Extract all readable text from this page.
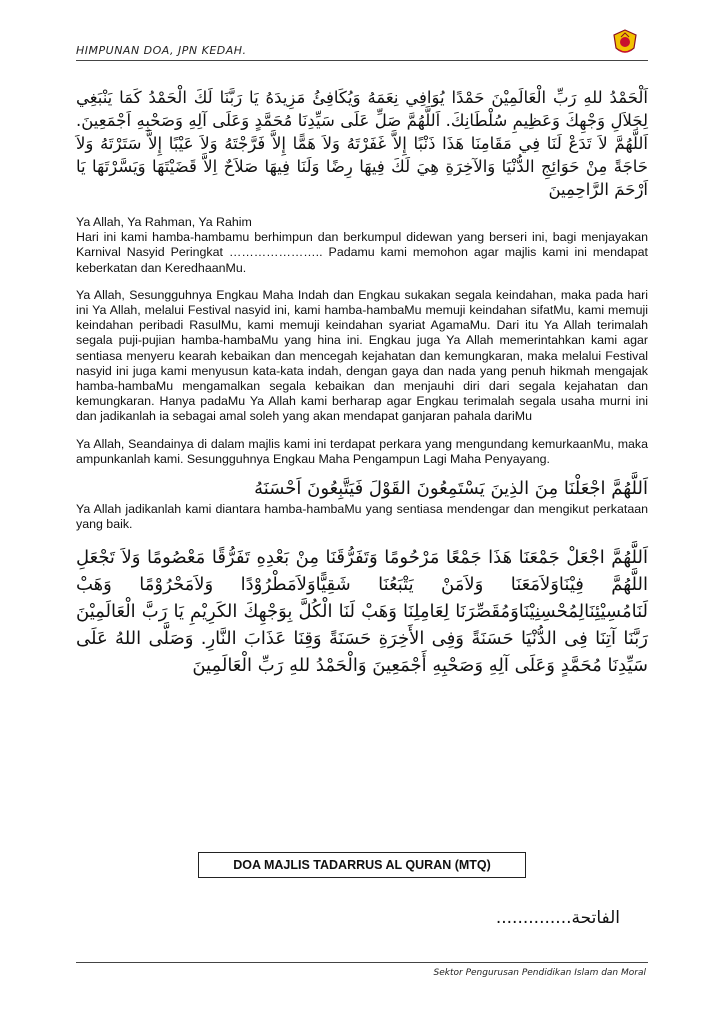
HIMPUNAN DOA, JPN KEDAH.

اَلْحَمْدُ للهِ رَبِّ الْعَالَمِيْنَ حَمْدًا يُوَافِي نِعَمَهُ وَيُكَافِئُ مَزِيدَهُ يَا رَبَّنَا لَكَ الْحَمْدُ كَمَا يَنْبَغِي لِجَلاَلِ وَجْهِكَ وَعَظِيمِ سُلْطَانِكَ. اَللَّهُمَّ صَلِّ عَلَى سَيِّدِنَا مُحَمَّدٍ وَعَلَى آلِهِ وَصَحْبِهِ اَجْمَعِينَ. اَللَّهُمَّ لاَ تَدَعْ لَنَا فِي مَقَامِنَا هَذَا ذَنْبًا إِلاَّ غَفَرْتَهُ وَلاَ هَمًّا إِلاَّ فَرَّجْتَهُ وَلاَ عَيْبًا إِلاَّ سَتَرْتَهُ وَلاَ حَاجَةً مِنْ حَوَائِجِ الدُّنْيَا وَالآخِرَةِ هِيَ لَكَ فِيهَا رِضًا وَلَنَا فِيهَا صَلاَحٌ اِلاَّ قَضَيْتَهَا وَيَسَّرْتَهَا يَا اَرْحَمَ الرَّاحِمِينَ

Ya Allah, Ya Rahman, Ya Rahim
Hari ini kami hamba-hambamu berhimpun dan berkumpul didewan yang berseri ini, bagi menjayakan Karnival Nasyid Peringkat ………………….. Padamu kami memohon agar majlis kami ini mendapat keberkatan dan KeredhaanMu.

Ya Allah, Sesungguhnya Engkau Maha Indah dan Engkau sukakan segala keindahan, maka pada hari ini Ya Allah, melalui Festival nasyid ini, kami hamba-hambaMu memuji keindahan sifatMu, kami memuji keindahan peribadi RasulMu, kami memuji keindahan syariat AgamaMu. Dari itu Ya Allah terimalah segala puji-pujian hamba-hambaMu yang hina ini. Engkau juga Ya Allah memerintahkan kami agar sentiasa menyeru kearah kebaikan dan mencegah kejahatan dan kemungkaran, maka melalui Festival nasyid ini juga kami menyusun kata-kata indah, dengan gaya dan nada yang penuh hikmah mengajak hamba-hambaMu mengamalkan segala kebaikan dan menjauhi diri dari segala kejahatan dan kemungkaran. Hanya padaMu Ya Allah kami berharap agar Engkau terimalah segala usaha murni ini dan jadikanlah ia sebagai amal soleh yang akan mendapat ganjaran pahala dariMu

Ya Allah, Seandainya di dalam majlis kami ini terdapat perkara yang mengundang kemurkaanMu, maka ampunkanlah kami. Sesungguhnya Engkau Maha Pengampun Lagi Maha Penyayang.

اَللَّهُمَّ اجْعَلْنَا مِنَ الذِينَ يَسْتَمِعُونَ القَوْلَ فَيَتَّبِعُونَ اَحْسَنَهُ

Ya Allah jadikanlah kami diantara hamba-hambaMu yang sentiasa mendengar dan mengikut perkataan yang baik.

اَللَّهُمَّ اجْعَلْ جَمْعَنَا هَذَا جَمْعًا مَرْحُومًا وَتَفَرُّقَنَا مِنْ بَعْدِهِ تَفَرُّقًا مَعْصُومًا وَلاَ تَجْعَلِ اللَّهُمَّ فِيْنَاوَلاَمَعَنَا وَلاَمَنْ يَتْبَعُنَا شَقِيًّاوَلاَمَطْرُوْدًا وَلاَمَحْرُوْمًا وَهَبْ لَنَامُسِيْئِنَالِمُحْسِنِيْنَاوَمُقَصِّرَنَا لِعَامِلِنَا وَهَبْ لَنَا الْكُلَّ بِوَجْهِكَ الكَرِيْمِ يَا رَبَّ الْعَالَمِيْنَ رَبَّنَا آتِنَا فِى الدُّنْيَا حَسَنَةً وَفِى الأَخِرَةِ حَسَنَةً وَقِنَا عَذَابَ النَّارِ. وَصَلَّى اللهُ عَلَى سَيِّدِنَا مُحَمَّدٍ وَعَلَى آلِهِ وَصَحْبِهِ أَجْمَعِينَ وَالْحَمْدُ للهِ رَبِّ الْعَالَمِينَ

DOA MAJLIS TADARRUS AL QURAN (MTQ)
الفاتحة..............
Sektor Pengurusan Pendidikan Islam dan Moral
